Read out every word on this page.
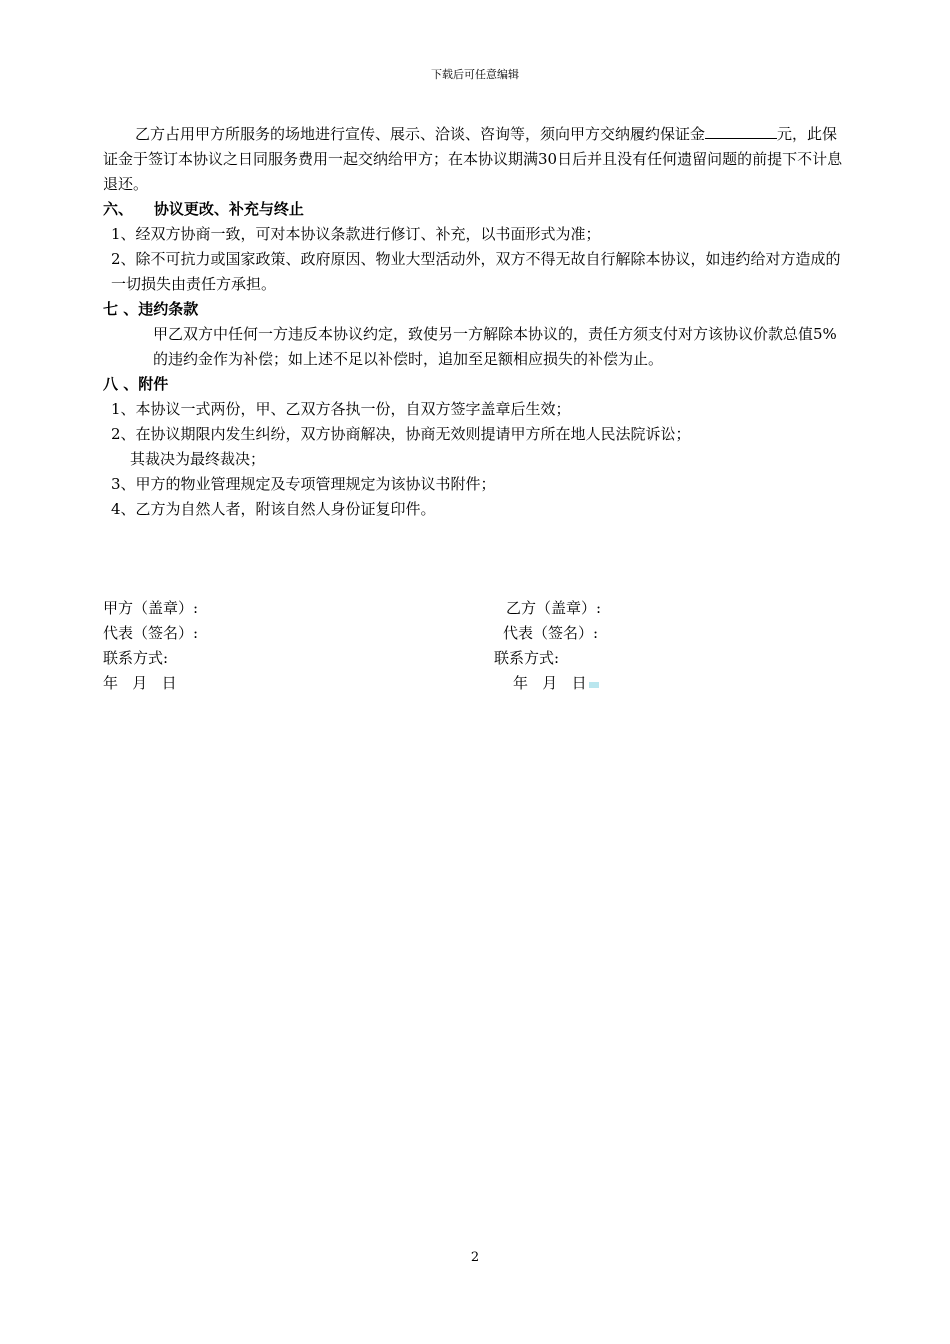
下载后可任意编辑
乙方占用甲方所服务的场地进行宣传、展示、洽谈、咨询等，须向甲方交纳履约保证金	元，此保证金于签订本协议之日同服务费用一起交纳给甲方；在本协议期满30日后并且没有任何遗留问题的前提下不计息退还。
六、    协议更改、补充与终止
1、经双方协商一致，可对本协议条款进行修订、补充，以书面形式为准；
2、除不可抗力或国家政策、政府原因、物业大型活动外，双方不得无故自行解除本协议，如违约给对方造成的一切损失由责任方承担。
七 、违约条款
甲乙双方中任何一方违反本协议约定，致使另一方解除本协议的，责任方须支付对方该协议价款总值5%的违约金作为补偿；如上述不足以补偿时，追加至足额相应损失的补偿为止。
八 、附件
1、本协议一式两份，甲、乙双方各执一份，自双方签字盖章后生效；
2、在协议期限内发生纠纷，双方协商解决，协商无效则提请甲方所在地人民法院诉讼；
其裁决为最终裁决；
3、甲方的物业管理规定及专项管理规定为该协议书附件；
4、乙方为自然人者，附该自然人身份证复印件。
甲方（盖章）:	乙方（盖章）:
代表（签名）:	代表（签名）:
联系方式:	联系方式:
年   月   日	年   月   日
2
